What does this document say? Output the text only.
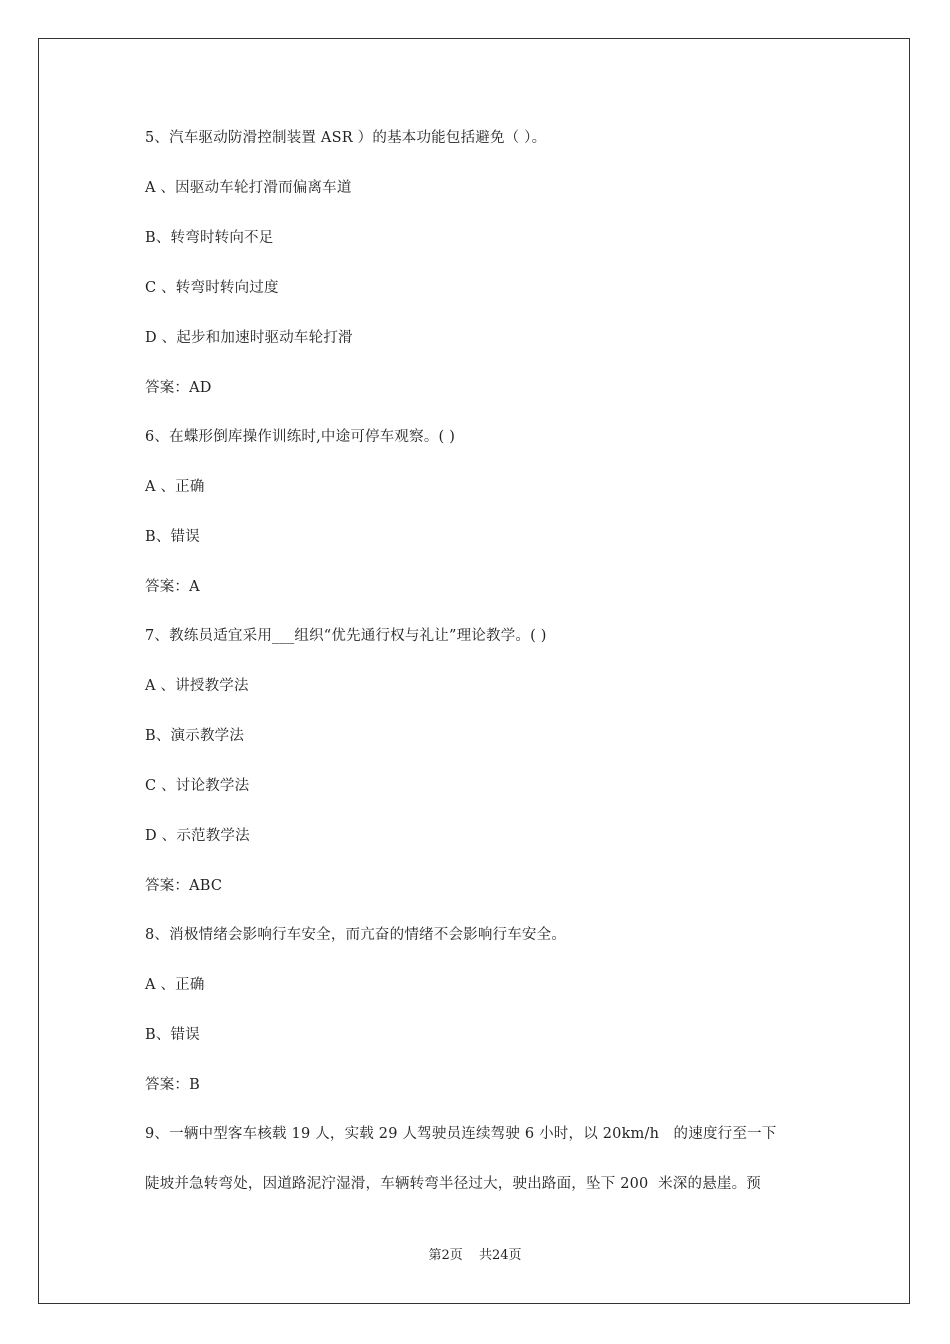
5、汽车驱动防滑控制装置 ASR ）的基本功能包括避免（ ）。
A 、因驱动车轮打滑而偏离车道
B、转弯时转向不足
C 、转弯时转向过度
D 、起步和加速时驱动车轮打滑
答案：AD
6、在蝶形倒库操作训练时,中途可停车观察。( )
A 、正确
B、错误
答案：A
7、教练员适宜采用___组织“优先通行权与礼让”理论教学。( )
A 、讲授教学法
B、演示教学法
C 、讨论教学法
D 、示范教学法
答案：ABC
8、消极情绪会影响行车安全，而亢奋的情绪不会影响行车安全。
A 、正确
B、错误
答案：B
9、一辆中型客车核载 19 人，实载 29 人驾驶员连续驾驶 6 小时，以 20km/h   的速度行至一下
陡坡并急转弯处，因道路泥泞湿滑，车辆转弯半径过大，驶出路面，坠下 200  米深的悬崖。预
第2页 共24页
